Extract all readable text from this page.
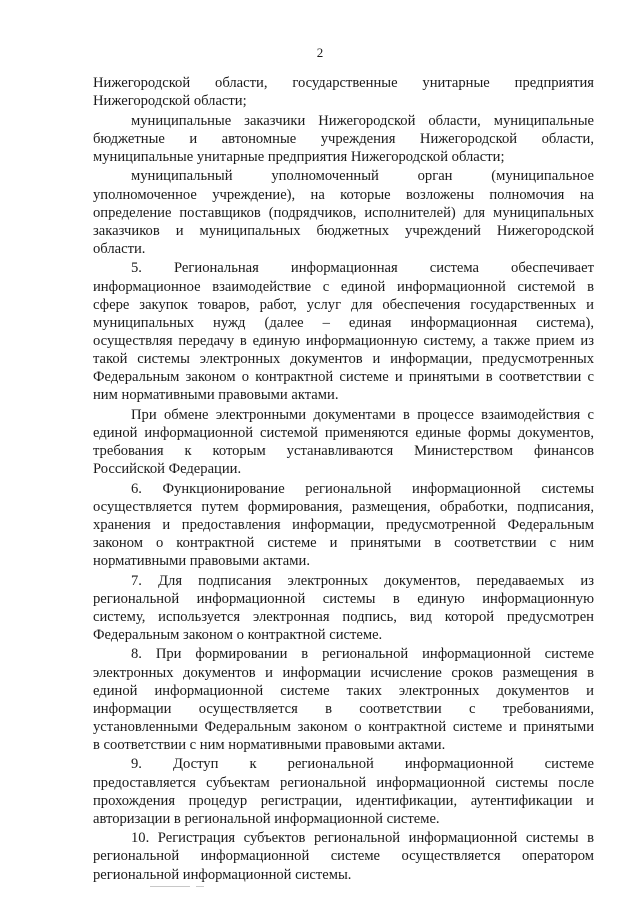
2
Нижегородской области, государственные унитарные предприятия
Нижегородской области;
муниципальные заказчики Нижегородской области, муниципальные
бюджетные и автономные учреждения Нижегородской области,
муниципальные унитарные предприятия Нижегородской области;
муниципальный уполномоченный орган (муниципальное
уполномоченное учреждение), на которые возложены полномочия на
определение поставщиков (подрядчиков, исполнителей) для муниципальных
заказчиков и муниципальных бюджетных учреждений Нижегородской
области.
5. Региональная информационная система обеспечивает
информационное взаимодействие с единой информационной системой в
сфере закупок товаров, работ, услуг для обеспечения государственных и
муниципальных нужд (далее – единая информационная система),
осуществляя передачу в единую информационную систему, а также прием из
такой системы электронных документов и информации, предусмотренных
Федеральным законом о контрактной системе и принятыми в соответствии с
ним нормативными правовыми актами.
При обмене электронными документами в процессе взаимодействия с
единой информационной системой применяются единые формы документов,
требования к которым устанавливаются Министерством финансов
Российской Федерации.
6. Функционирование региональной информационной системы
осуществляется путем формирования, размещения, обработки, подписания,
хранения и предоставления информации, предусмотренной Федеральным
законом о контрактной системе и принятыми в соответствии с ним
нормативными правовыми актами.
7. Для подписания электронных документов, передаваемых из
региональной информационной системы в единую информационную
систему, используется электронная подпись, вид которой предусмотрен
Федеральным законом о контрактной системе.
8. При формировании в региональной информационной системе
электронных документов и информации исчисление сроков размещения в
единой информационной системе таких электронных документов и
информации осуществляется в соответствии с требованиями,
установленными Федеральным законом о контрактной системе и принятыми
в соответствии с ним нормативными правовыми актами.
9. Доступ к региональной информационной системе
предоставляется субъектам региональной информационной системы после
прохождения процедур регистрации, идентификации, аутентификации и
авторизации в региональной информационной системе.
10. Регистрация субъектов региональной информационной системы в
региональной информационной системе осуществляется оператором
региональной информационной системы.
